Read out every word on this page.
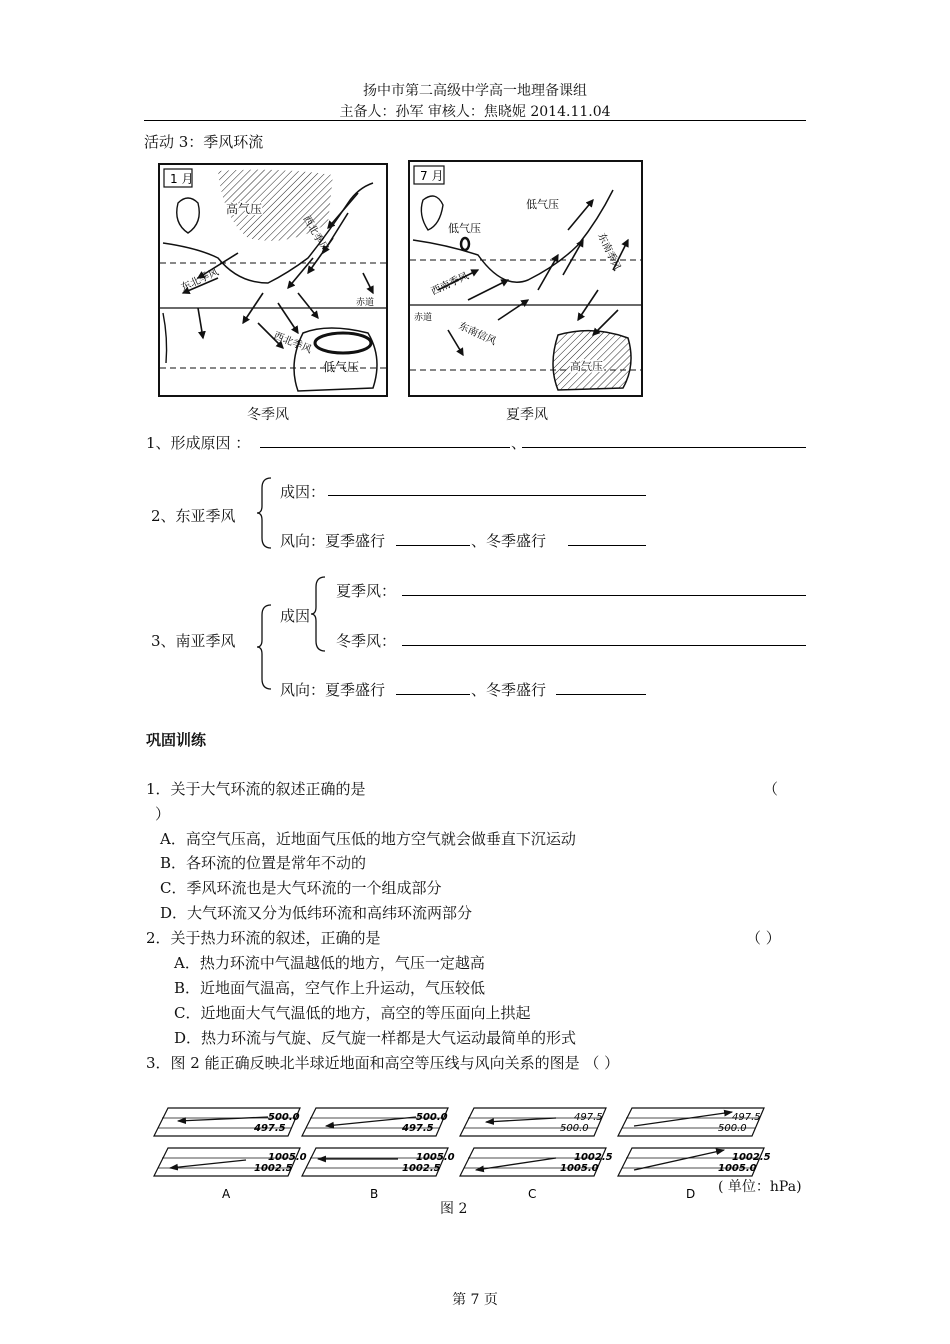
扬中市第二高级中学高一地理备课组
主备人：孙军 审核人：焦晓妮 2014.11.04
活动 3：季风环流
1 月
高气压
赤道
低气压
东北季风
西北季风
西北季风
冬季风
7 月
低气压
低气压
赤道
高气压
西南季风
东南信风
东南季风
夏季风
1、形成原因 ：	、
2、东亚季风
成因：
风向：夏季盛行	、冬季盛行
3、南亚季风
成因
夏季风：
冬季风：
风向：夏季盛行	、冬季盛行
巩固训练
1．关于大气环流的叙述正确的是	（
）
A．高空气压高，近地面气压低的地方空气就会做垂直下沉运动
B．各环流的位置是常年不动的
C．季风环流也是大气环流的一个组成部分
D．大气环流又分为低纬环流和高纬环流两部分
2．关于热力环流的叙述，正确的是	（ ）
A．热力环流中气温越低的地方，气压一定越高
B．近地面气温高，空气作上升运动，气压较低
C．近地面大气气温低的地方，高空的等压面向上拱起
D．热力环流与气旋、反气旋一样都是大气运动最简单的形式
3．图 2 能正确反映北半球近地面和高空等压线与风向关系的图是 （ ）
500.0
497.5
1005.0
1002.5
A
500.0
497.5
1005.0
1002.5
B
497.5
500.0
1002.5
1005.0
C
497.5
500.0
1002.5
1005.0
D ( 单位：hPa)
图 2
第 7 页
